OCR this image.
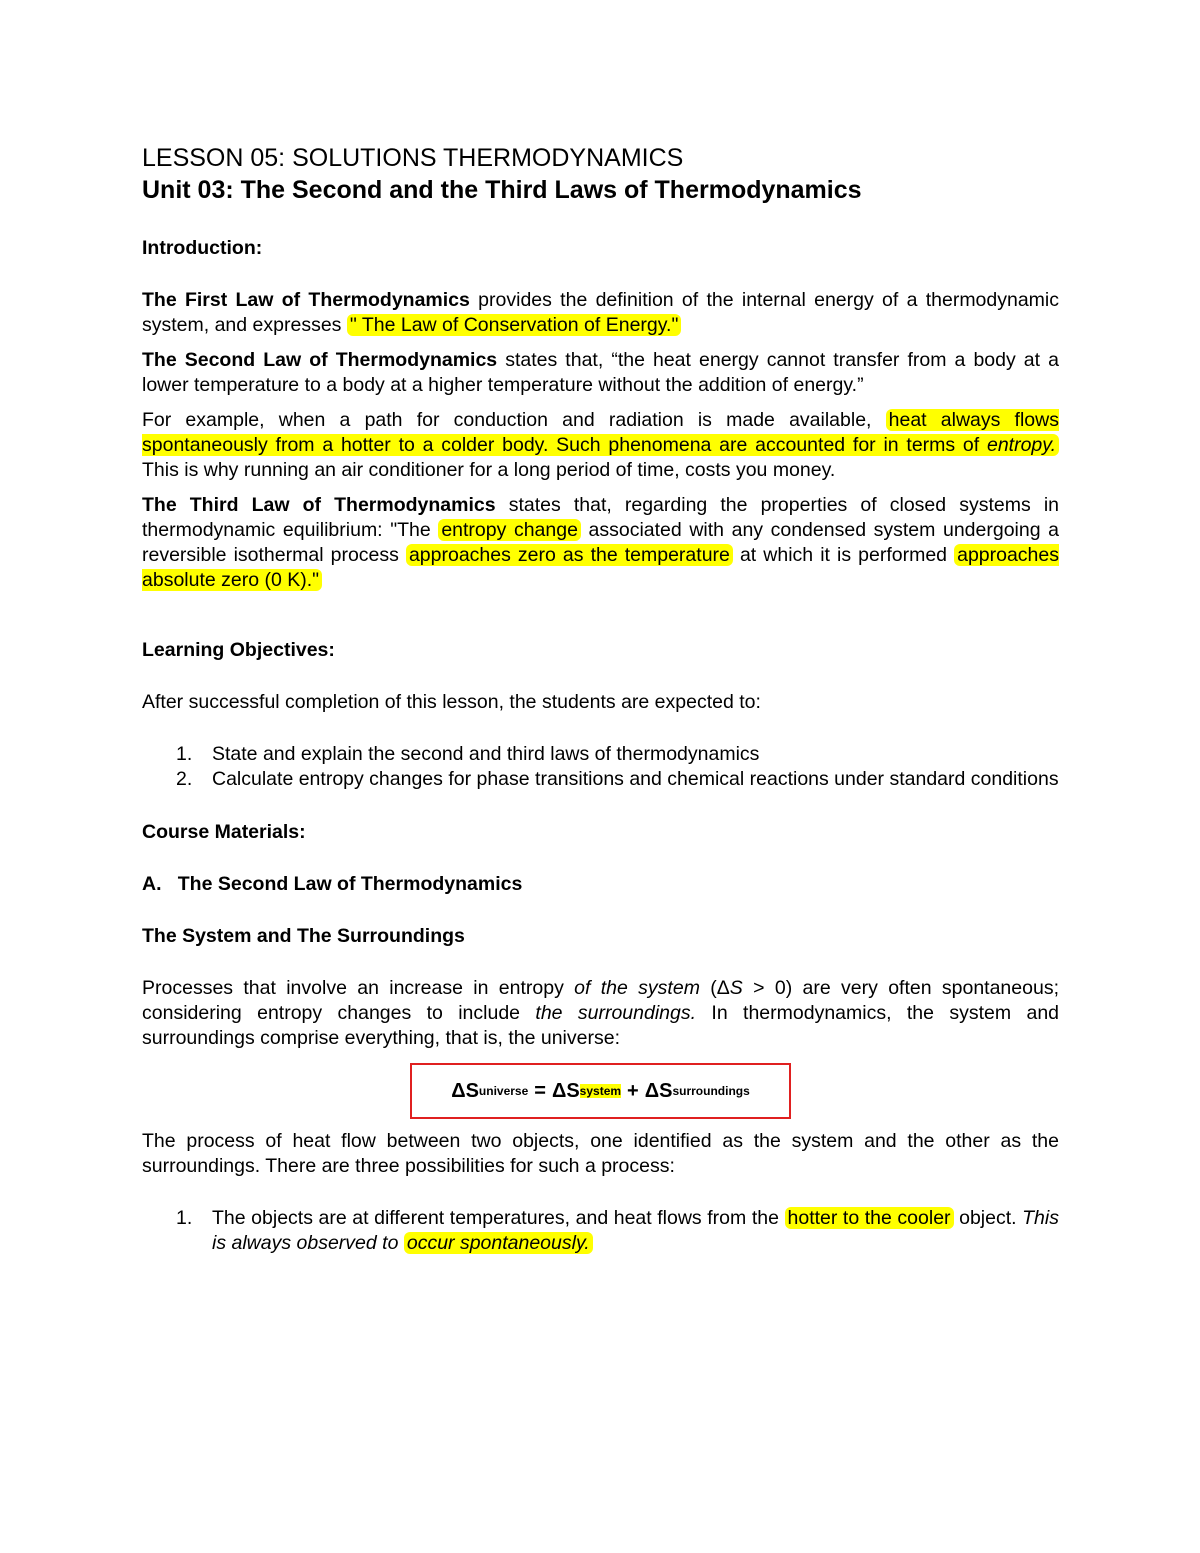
LESSON 05: SOLUTIONS THERMODYNAMICS
Unit 03: The Second and the Third Laws of Thermodynamics

Introduction:

The First Law of Thermodynamics provides the definition of the internal energy of a thermodynamic system, and expresses " The Law of Conservation of Energy."

The Second Law of Thermodynamics states that, “the heat energy cannot transfer from a body at a lower temperature to a body at a higher temperature without the addition of energy.”

For example, when a path for conduction and radiation is made available, heat always flows spontaneously from a hotter to a colder body. Such phenomena are accounted for in terms of entropy. This is why running an air conditioner for a long period of time, costs you money.

The Third Law of Thermodynamics states that, regarding the properties of closed systems in thermodynamic equilibrium: "The entropy change associated with any condensed system undergoing a reversible isothermal process approaches zero as the temperature at which it is performed approaches absolute zero (0 K)."

Learning Objectives:

After successful completion of this lesson, the students are expected to:

1. State and explain the second and third laws of thermodynamics
2. Calculate entropy changes for phase transitions and chemical reactions under standard conditions

Course Materials:

A.   The Second Law of Thermodynamics

The System and The Surroundings

Processes that involve an increase in entropy of the system (ΔS > 0) are very often spontaneous; considering entropy changes to include the surroundings. In thermodynamics, the system and surroundings comprise everything, that is, the universe:

ΔS universe = ΔS system + ΔS surroundings

The process of heat flow between two objects, one identified as the system and the other as the surroundings. There are three possibilities for such a process:

1. The objects are at different temperatures, and heat flows from the hotter to the cooler object. This is always observed to occur spontaneously.
